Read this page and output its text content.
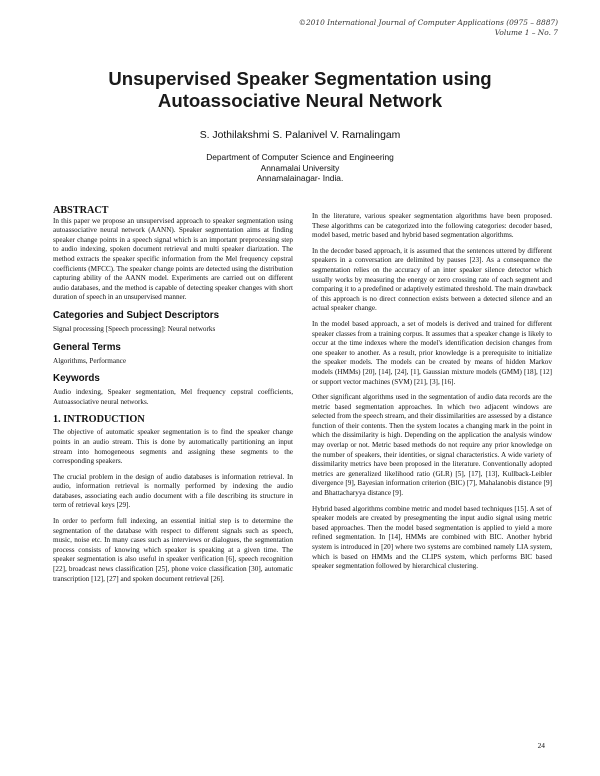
©2010 International Journal of Computer Applications (0975 – 8887)
Volume 1 – No. 7
Unsupervised Speaker Segmentation using
Autoassociative Neural Network
S. Jothilakshmi S. Palanivel V. Ramalingam
Department of Computer Science and Engineering
Annamalai University
Annamalainagar- India.
ABSTRACT

In this paper we propose an unsupervised approach to speaker segmentation using autoassociative neural network (AANN). Speaker segmentation aims at finding speaker change points in a speech signal which is an important preprocessing step to audio indexing, spoken document retrieval and multi speaker diarization. The method extracts the speaker specific information from the Mel frequency cepstral coefficients (MFCC). The speaker change points are detected using the distribution capturing ability of the AANN model. Experiments are carried out on different audio databases, and the method is capable of detecting speaker changes with short duration of speech in an unsupervised manner.

Categories and Subject Descriptors

Signal processing [Speech processing]: Neural networks

General Terms

Algorithms, Performance

Keywords

Audio indexing, Speaker segmentation, Mel frequency cepstral coefficients, Autoassociative neural networks.

1. INTRODUCTION

The objective of automatic speaker segmentation is to find the speaker change points in an audio stream. This is done by automatically partitioning an input stream into homogeneous segments and assigning these segments to the corresponding speakers.

The crucial problem in the design of audio databases is information retrieval. In audio, information retrieval is normally performed by indexing the audio databases, associating each audio document with a file describing its structure in term of retrieval keys [29].

In order to perform full indexing, an essential initial step is to determine the segmentation of the database with respect to different signals such as speech, music, noise etc. In many cases such as interviews or dialogues, the segmentation process consists of knowing which speaker is speaking at a given time. The speaker segmentation is also useful in speaker verification [6], speech recognition [22], broadcast news classification [25], phone voice classification [30], automatic transcription [12], [27] and spoken document retrieval [26].

In the literature, various speaker segmentation algorithms have been proposed. These algorithms can be categorized into the following categories: decoder based, model based, metric based and hybrid based segmentation algorithms.

In the decoder based approach, it is assumed that the sentences uttered by different speakers in a conversation are delimited by pauses [23]. As a consequence the segmentation relies on the accuracy of an inter speaker silence detector which usually works by measuring the energy or zero crossing rate of each segment and comparing it to a predefined or adaptively estimated threshold. The main drawback of this approach is no direct connection exists between a detected silence and an actual speaker change.

In the model based approach, a set of models is derived and trained for different speaker classes from a training corpus. It assumes that a speaker change is likely to occur at the time indexes where the model's identification decision changes from one speaker to another. As a result, prior knowledge is a prerequisite to initialize the speaker models. The models can be created by means of hidden Markov models (HMMs) [20], [14], [24], [1], Gaussian mixture models (GMM) [18], [12] or support vector machines (SVM) [21], [3], [16].

Other significant algorithms used in the segmentation of audio data records are the metric based segmentation approaches. In which two adjacent windows are selected from the speech stream, and their dissimilarities are assessed by a distance function of their contents. Then the system locates a changing mark in the point in which the dissimilarity is high. Depending on the application the analysis window may overlap or not. Metric based methods do not require any prior knowledge on the number of speakers, their identities, or signal characteristics. A wide variety of dissimilarity metrics have been proposed in the literature. Conventionally adopted metrics are generalized likelihood ratio (GLR) [5], [17], [13], Kullback-Leibler divergence [9], Bayesian information criterion (BIC) [7], Mahalanobis distance [9] and Bhattacharyya distance [9].

Hybrid based algorithms combine metric and model based techniques [15]. A set of speaker models are created by presegmenting the input audio signal using metric based approaches. Then the model based segmentation is applied to yield a more refined segmentation. In [14], HMMs are combined with BIC. Another hybrid system is introduced in [20] where two systems are combined namely LIA system, which is based on HMMs and the CLIPS system, which performs BIC based speaker segmentation followed by hierarchical clustering.

24
